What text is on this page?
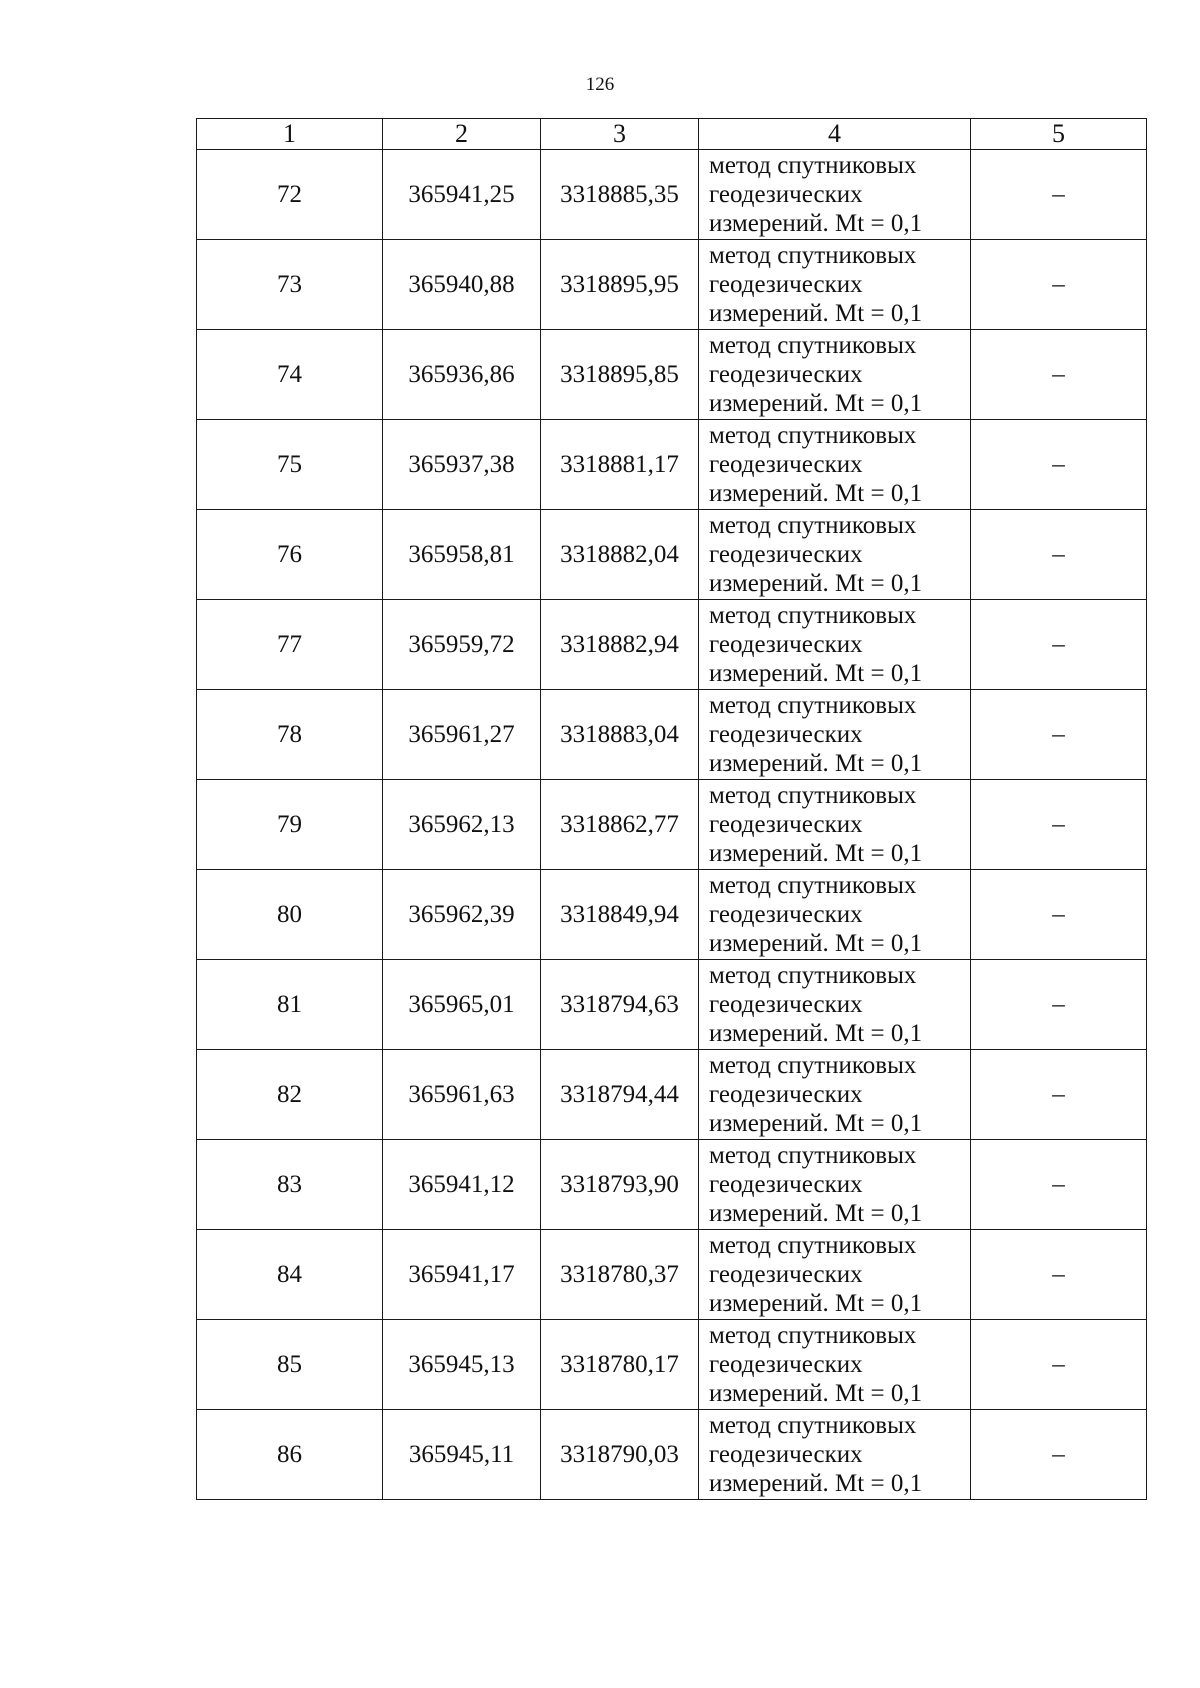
126
1	2	3	4	5
72	365941,25	3318885,35	метод спутниковых
геодезических
измерений. Mt = 0,1	–
73	365940,88	3318895,95	метод спутниковых
геодезических
измерений. Mt = 0,1	–
74	365936,86	3318895,85	метод спутниковых
геодезических
измерений. Mt = 0,1	–
75	365937,38	3318881,17	метод спутниковых
геодезических
измерений. Mt = 0,1	–
76	365958,81	3318882,04	метод спутниковых
геодезических
измерений. Mt = 0,1	–
77	365959,72	3318882,94	метод спутниковых
геодезических
измерений. Mt = 0,1	–
78	365961,27	3318883,04	метод спутниковых
геодезических
измерений. Mt = 0,1	–
79	365962,13	3318862,77	метод спутниковых
геодезических
измерений. Mt = 0,1	–
80	365962,39	3318849,94	метод спутниковых
геодезических
измерений. Mt = 0,1	–
81	365965,01	3318794,63	метод спутниковых
геодезических
измерений. Mt = 0,1	–
82	365961,63	3318794,44	метод спутниковых
геодезических
измерений. Mt = 0,1	–
83	365941,12	3318793,90	метод спутниковых
геодезических
измерений. Mt = 0,1	–
84	365941,17	3318780,37	метод спутниковых
геодезических
измерений. Mt = 0,1	–
85	365945,13	3318780,17	метод спутниковых
геодезических
измерений. Mt = 0,1	–
86	365945,11	3318790,03	метод спутниковых
геодезических
измерений. Mt = 0,1	–
